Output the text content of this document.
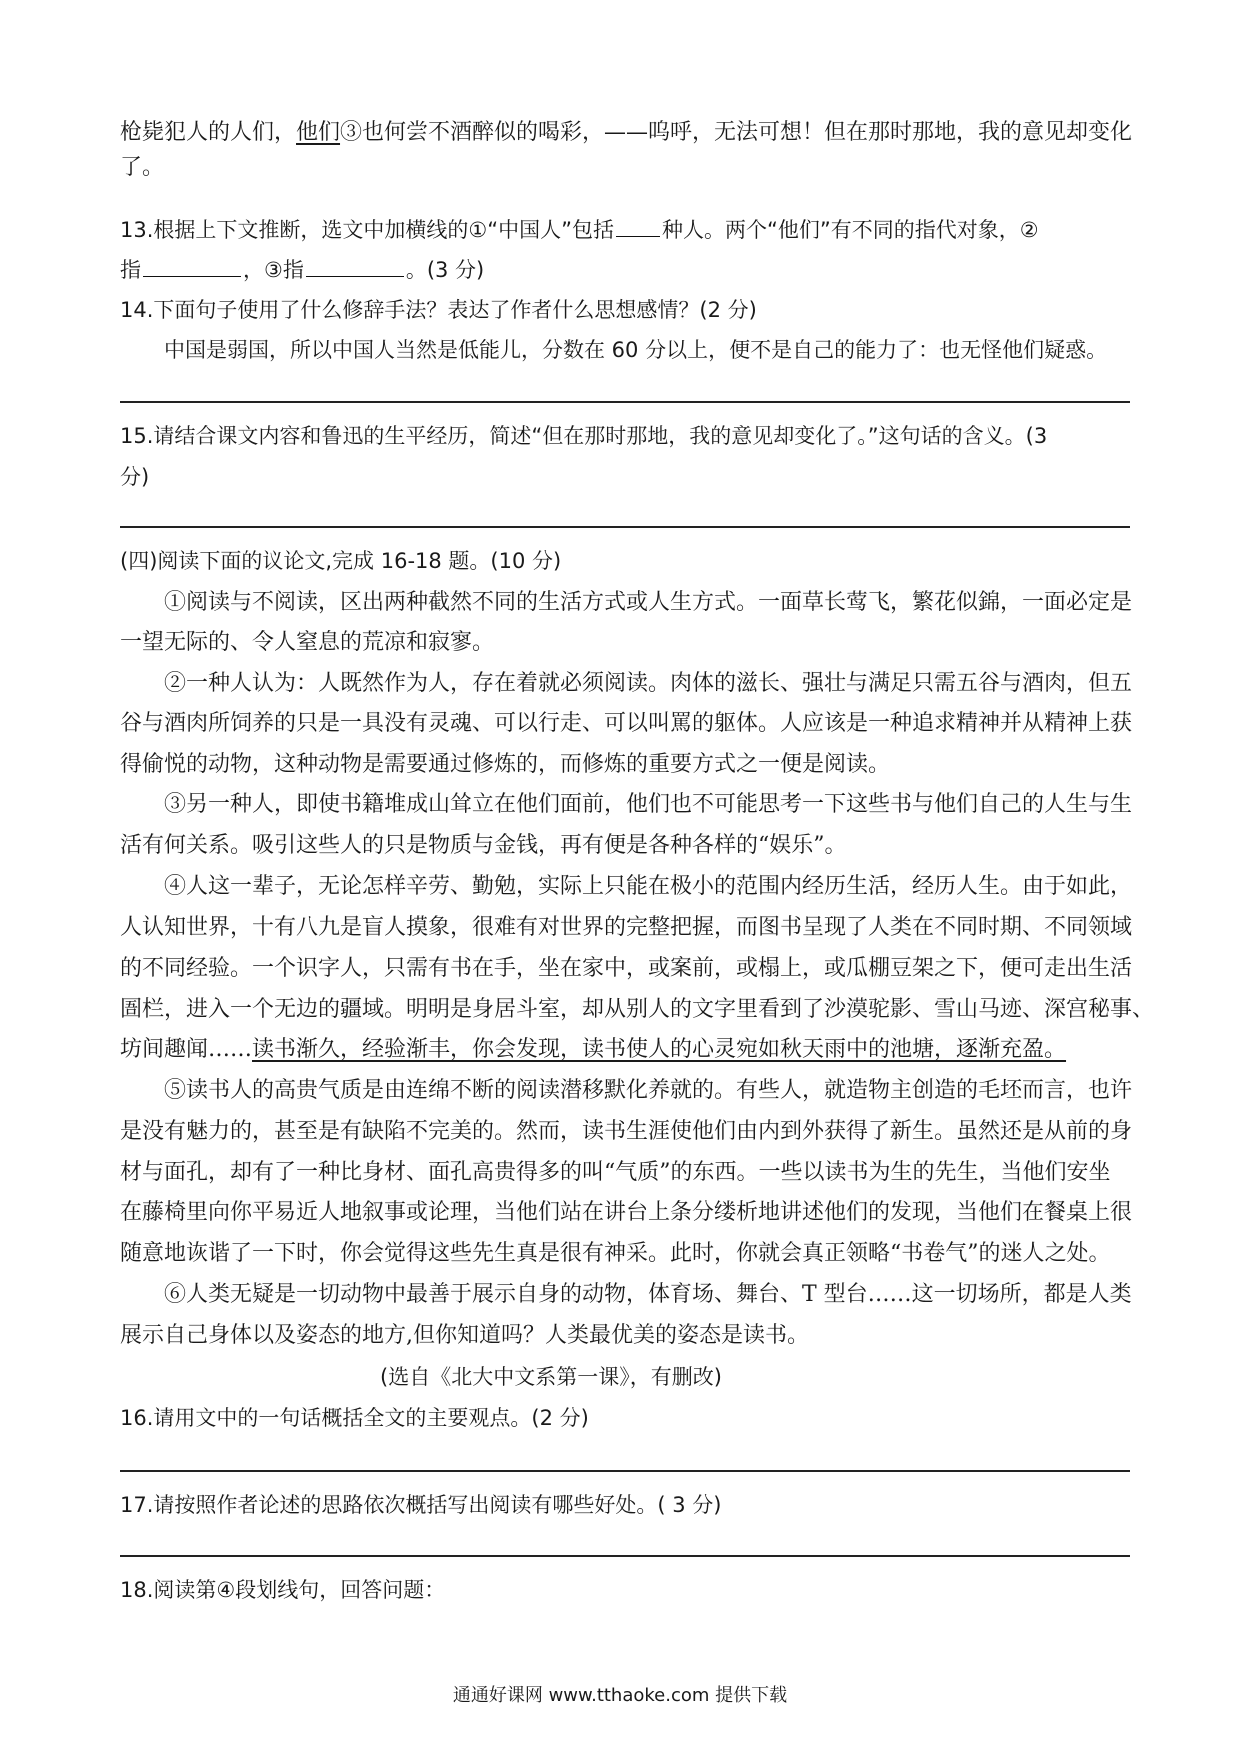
枪毙犯人的人们，他们③也何尝不酒醉似的喝彩，——呜呼，无法可想！但在那时那地，我的意见却变化
了。
13.根据上下文推断，选文中加横线的①“中国人”包括 种人。两个“他们”有不同的指代对象，②
指	，③指	。(3 分)
14.下面句子使用了什么修辞手法？表达了作者什么思想感情？(2 分)
中国是弱国，所以中国人当然是低能儿，分数在 60 分以上，便不是自己的能力了：也无怪他们疑惑。
15.请结合课文内容和鲁迅的生平经历，简述“但在那时那地，我的意见却变化了。”这句话的含义。(3
分)
(四)阅读下面的议论文,完成 16-18 题。(10 分)
①阅读与不阅读，区出两种截然不同的生活方式或人生方式。一面草长莺飞，繁花似錦，一面必定是
一望无际的、令人窒息的荒凉和寂寥。
②一种人认为：人既然作为人，存在着就必须阅读。肉体的滋长、强壮与满足只需五谷与酒肉，但五
谷与酒肉所饲养的只是一具没有灵魂、可以行走、可以叫罵的躯体。人应该是一种追求精神并从精神上获
得偷悦的动物，这种动物是需要通过修炼的，而修炼的重要方式之一便是阅读。
③另一种人，即使书籍堆成山耸立在他们面前，他们也不可能思考一下这些书与他们自己的人生与生
活有何关系。吸引这些人的只是物质与金钱，再有便是各种各样的“娱乐”。
④人这一辈子，无论怎样辛劳、勤勉，实际上只能在极小的范围内经历生活，经历人生。由于如此，
人认知世界，十有八九是盲人摸象，很难有对世界的完整把握，而图书呈现了人类在不同时期、不同领域
的不同经验。一个识字人，只需有书在手，坐在家中，或案前，或榻上，或瓜棚豆架之下，便可走出生活
圄栏，进入一个无边的疆域。明明是身居斗室，却从别人的文字里看到了沙漠驼影、雪山马迹、深宫秘事、
坊间趣闻……读书渐久，经验渐丰，你会发现，读书使人的心灵宛如秋天雨中的池塘，逐渐充盈。
⑤读书人的高贵气质是由连绵不断的阅读潜移默化养就的。有些人，就造物主创造的毛坯而言，也许
是没有魅力的，甚至是有缺陷不完美的。然而，读书生涯使他们由内到外获得了新生。虽然还是从前的身
材与面孔，却有了一种比身材、面孔高贵得多的叫“气质”的东西。一些以读书为生的先生，当他们安坐
在藤椅里向你平易近人地叙事或论理，当他们站在讲台上条分缕析地讲述他们的发现，当他们在餐桌上很
随意地诙谐了一下时，你会觉得这些先生真是很有神采。此时，你就会真正领略“书卷气”的迷人之处。
⑥人类无疑是一切动物中最善于展示自身的动物，体育场、舞台、T 型台……这一切场所，都是人类
展示自己身体以及姿态的地方,但你知道吗？人类最优美的姿态是读书。
(选自《北大中文系第一课》，有删改)
16.请用文中的一句话概括全文的主要观点。(2 分)
17.请按照作者论述的思路依次概括写出阅读有哪些好处。( 3 分)
18.阅读第④段划线句，回答问题：
通通好课网 www.tthaoke.com 提供下载
